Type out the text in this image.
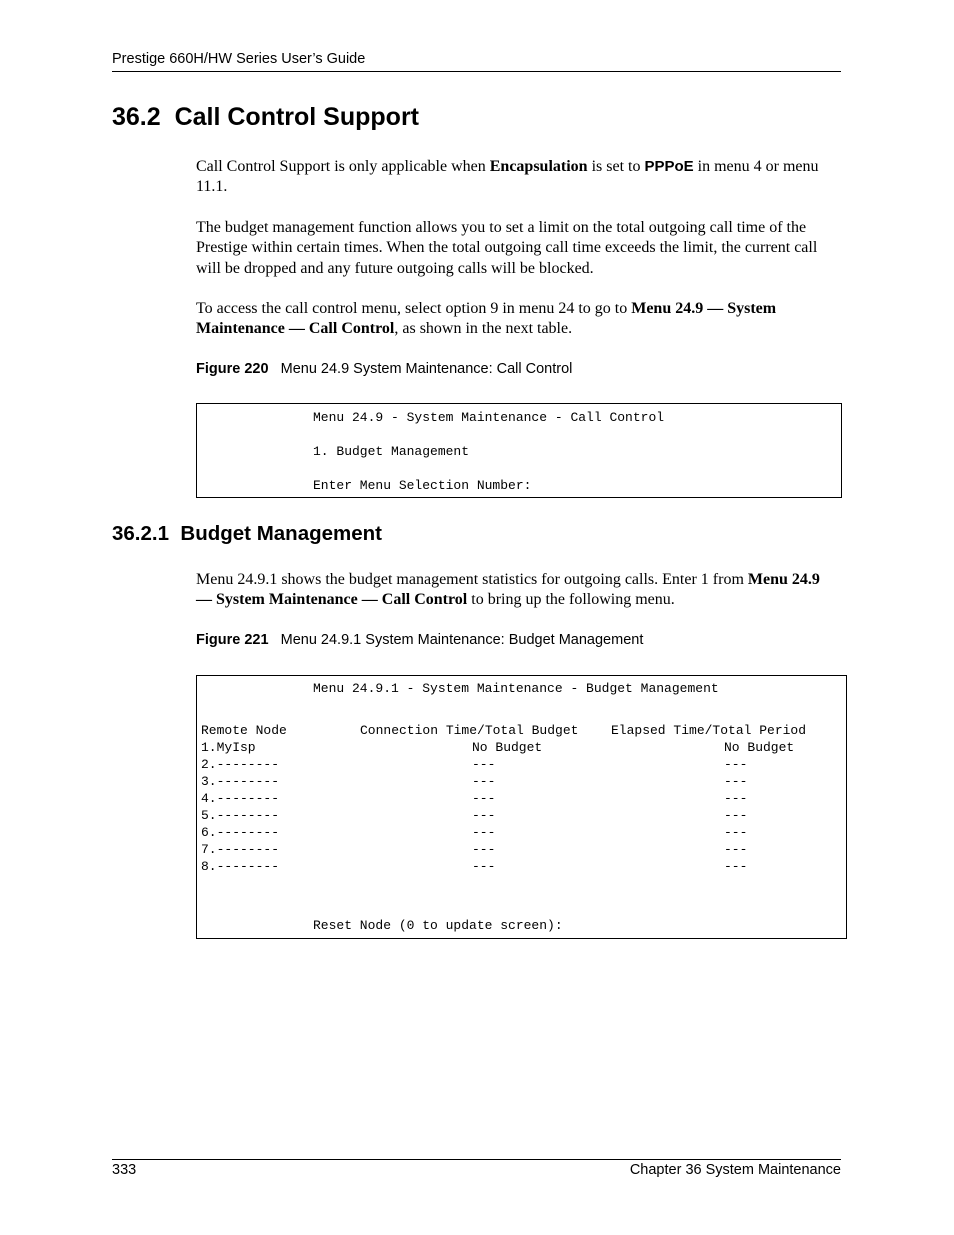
Prestige 660H/HW Series User’s Guide
36.2 Call Control Support
Call Control Support is only applicable when Encapsulation is set to PPPoE in menu 4 or menu 11.1.
The budget management function allows you to set a limit on the total outgoing call time of the Prestige within certain times. When the total outgoing call time exceeds the limit, the current call will be dropped and any future outgoing calls will be blocked.
To access the call control menu, select option 9 in menu 24 to go to Menu 24.9 — System Maintenance — Call Control, as shown in the next table.
Figure 220 Menu 24.9 System Maintenance: Call Control
Menu 24.9 - System Maintenance - Call Control
1. Budget Management
Enter Menu Selection Number:
36.2.1 Budget Management
Menu 24.9.1 shows the budget management statistics for outgoing calls. Enter 1 from Menu 24.9 — System Maintenance — Call Control to bring up the following menu.
Figure 221 Menu 24.9.1 System Maintenance: Budget Management
Menu 24.9.1 - System Maintenance - Budget Management
Remote Node	Connection Time/Total Budget	Elapsed Time/Total Period
1.MyIsp	No Budget	No Budget
2.--------	---	---
3.--------	---	---
4.--------	---	---
5.--------	---	---
6.--------	---	---
7.--------	---	---
8.--------	---	---
Reset Node (0 to update screen):
333	Chapter 36 System Maintenance
